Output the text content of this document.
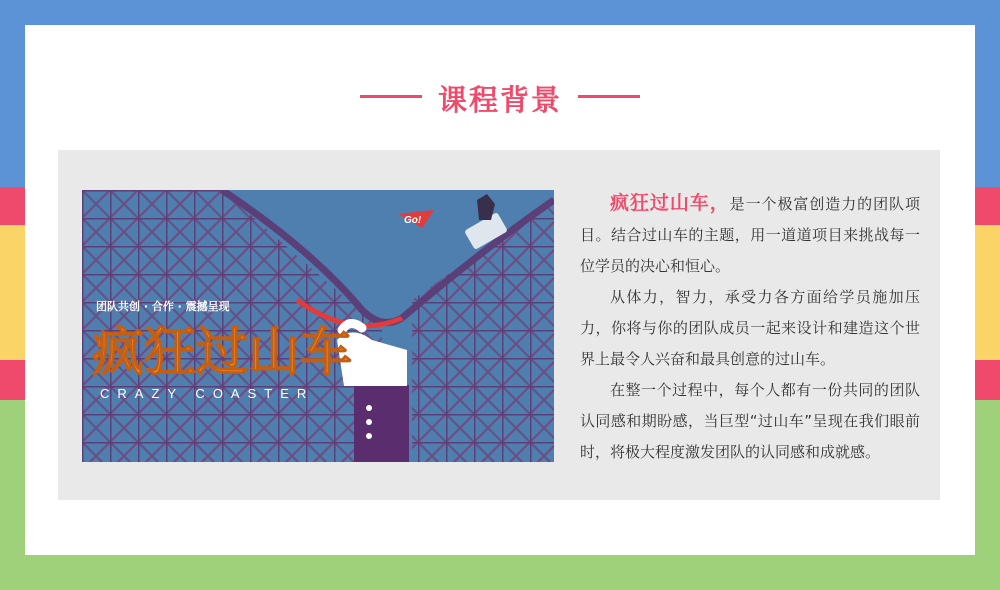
课程背景
Go!
团队共创 · 合作 · 震撼呈现
疯狂过山车
CRAZY COASTER

疯狂过山车，是一个极富创造力的团队项目。结合过山车的主题，用一道道项目来挑战每一位学员的决心和恒心。

从体力，智力，承受力各方面给学员施加压力，你将与你的团队成员一起来设计和建造这个世界上最令人兴奋和最具创意的过山车。

在整一个过程中，每个人都有一份共同的团队认同感和期盼感，当巨型“过山车”呈现在我们眼前时，将极大程度激发团队的认同感和成就感。
